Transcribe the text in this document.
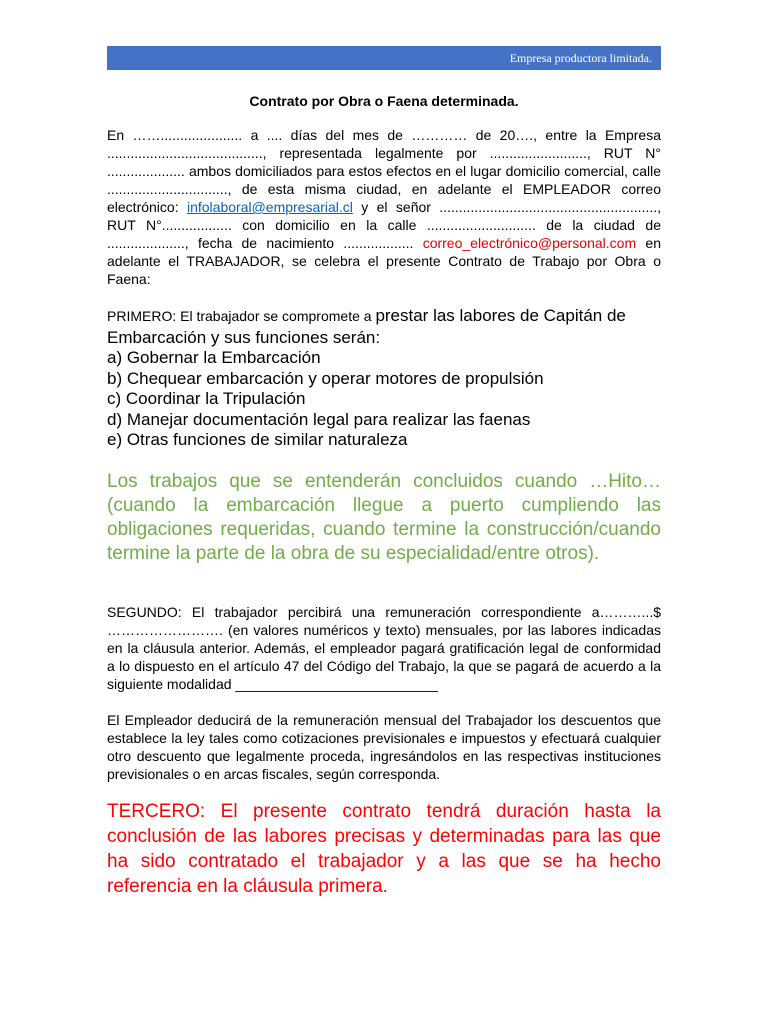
Empresa productora limitada.

Contrato por Obra o Faena determinada.

En ……..................... a .... días del mes de ………… de 20…., entre la Empresa ........................................, representada legalmente por ........................., RUT N° .................... ambos domiciliados para estos efectos en el lugar domicilio comercial, calle ..............................., de esta misma ciudad, en adelante el EMPLEADOR correo electrónico: infolaboral@empresarial.cl y el señor ........................................................, RUT N°.................. con domicilio en la calle ............................ de la ciudad de ...................., fecha de nacimiento .................. correo_electrónico@personal.com en adelante el TRABAJADOR, se celebra el presente Contrato de Trabajo por Obra o Faena:

PRIMERO: El trabajador se compromete a prestar las labores de Capitán de Embarcación y sus funciones serán:

a) Gobernar la Embarcación
b) Chequear embarcación y operar motores de propulsión
c) Coordinar la Tripulación
d) Manejar documentación legal para realizar las faenas
e) Otras funciones de similar naturaleza

Los trabajos que se entenderán concluidos cuando …Hito… (cuando la embarcación llegue a puerto cumpliendo las obligaciones requeridas, cuando termine la construcción/cuando termine la parte de la obra de su especialidad/entre otros).

SEGUNDO: El trabajador percibirá una remuneración correspondiente a………...$ ……………………. (en valores numéricos y texto) mensuales, por las labores indicadas en la cláusula anterior. Además, el empleador pagará gratificación legal de conformidad a lo dispuesto en el artículo 47 del Código del Trabajo, la que se pagará de acuerdo a la siguiente modalidad __________________________

El Empleador deducirá de la remuneración mensual del Trabajador los descuentos que establece la ley tales como cotizaciones previsionales e impuestos y efectuará cualquier otro descuento que legalmente proceda, ingresándolos en las respectivas instituciones previsionales o en arcas fiscales, según corresponda.

TERCERO: El presente contrato tendrá duración hasta la conclusión de las labores precisas y determinadas para las que ha sido contratado el trabajador y a las que se ha hecho referencia en la cláusula primera.
